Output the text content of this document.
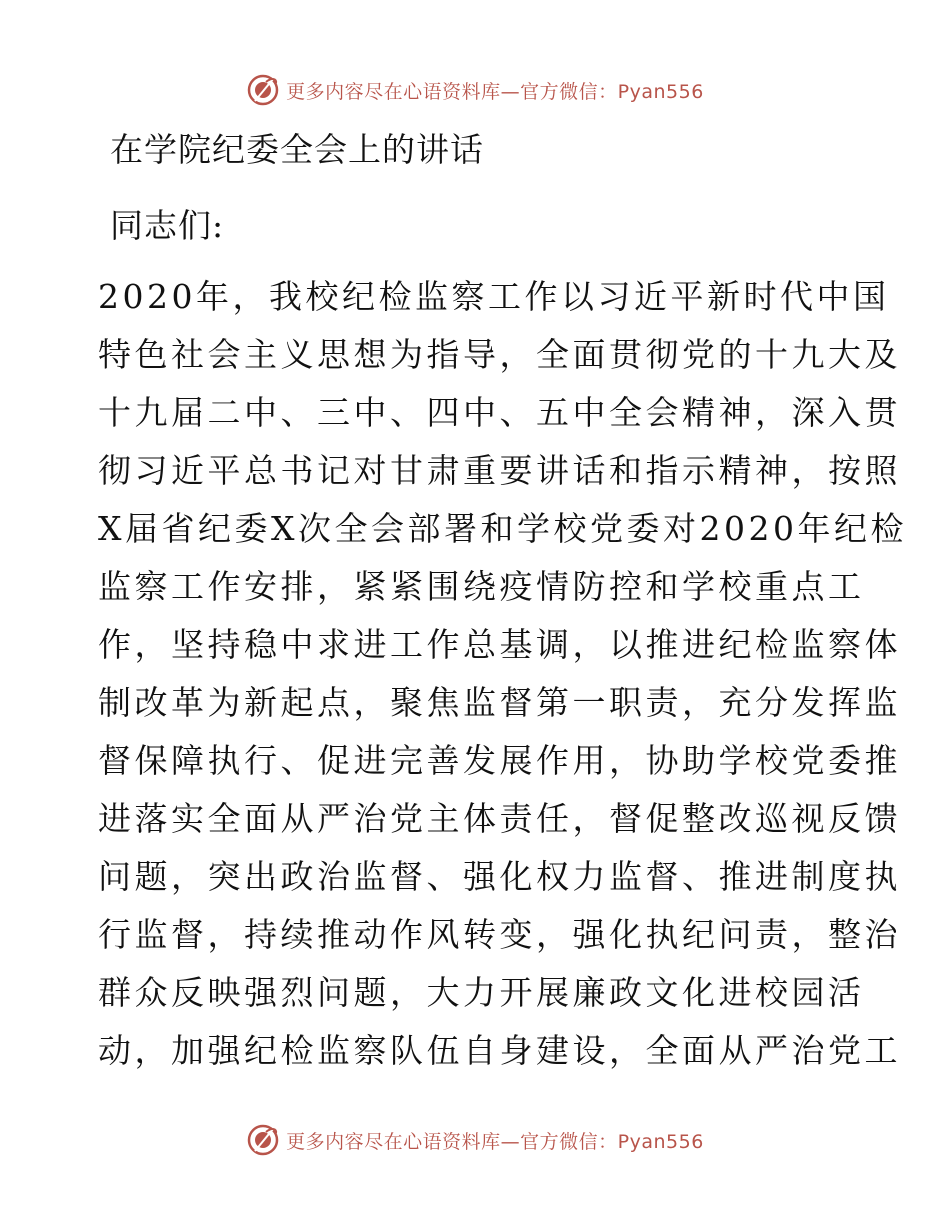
更多内容尽在心语资料库—官方微信：Pyan556
在学院纪委全会上的讲话

同志们:

2020年，我校纪检监察工作以习近平新时代中国
特色社会主义思想为指导，全面贯彻党的十九大及
十九届二中、三中、四中、五中全会精神，深入贯
彻习近平总书记对甘肃重要讲话和指示精神，按照
X届省纪委X次全会部署和学校党委对2020年纪检
监察工作安排，紧紧围绕疫情防控和学校重点工
作，坚持稳中求进工作总基调，以推进纪检监察体
制改革为新起点，聚焦监督第一职责，充分发挥监
督保障执行、促进完善发展作用，协助学校党委推
进落实全面从严治党主体责任，督促整改巡视反馈
问题，突出政治监督、强化权力监督、推进制度执
行监督，持续推动作风转变，强化执纪问责，整治
群众反映强烈问题，大力开展廉政文化进校园活
动，加强纪检监察队伍自身建设，全面从严治党工
更多内容尽在心语资料库—官方微信：Pyan556
